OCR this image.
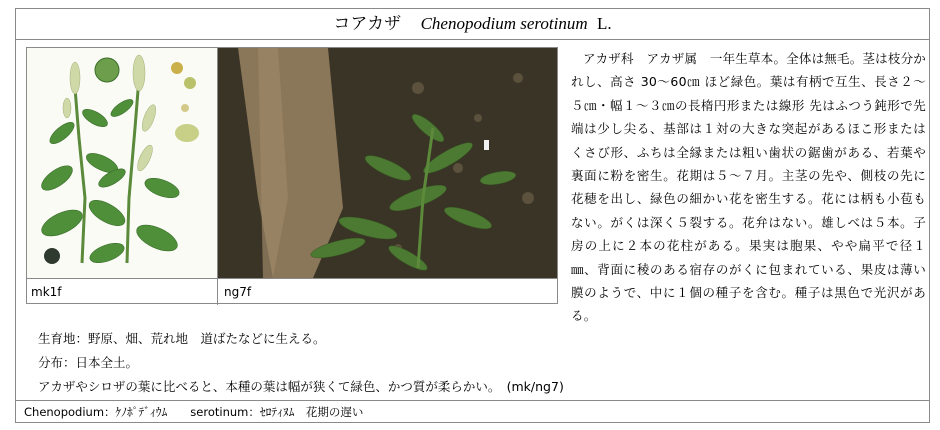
コアカザ Chenopodium serotinum L.
mk1f	ng7f
アカザ科　アカザ属　一年生草本。全体は無毛。茎は枝分かれし、高さ 30～60㎝ ほど緑色。葉は有柄で互生、長さ２～５㎝・幅１～３㎝の長楕円形または線形 先はふつう鈍形で先端は少し尖る、基部は１対の大きな突起があるほこ形またはくさび形、ふちは全縁または粗い歯状の鋸歯がある、若葉や裏面に粉を密生。花期は５～７月。主茎の先や、側枝の先に花穂を出し、緑色の細かい花を密生する。花には柄も小苞もない。がくは深く５裂する。花弁はない。雄しべは５本。子房の上に２本の花柱がある。果実は胞果、やや扁平で径１㎜、背面に稜のある宿存のがくに包まれている、果皮は薄い膜のようで、中に１個の種子を含む。種子は黒色で光沢がある。
生育地：野原、畑、荒れ地　道ばたなどに生える。
分布：日本全土。
アカザやシロザの葉に比べると、本種の葉は幅が狭くて緑色、かつ質が柔らかい。　(mk/ng7)
Chenopodium：ｹﾉﾎﾟﾃﾞｨｳﾑ　　serotinum：ｾﾛﾃｨﾇﾑ　花期の遅い
